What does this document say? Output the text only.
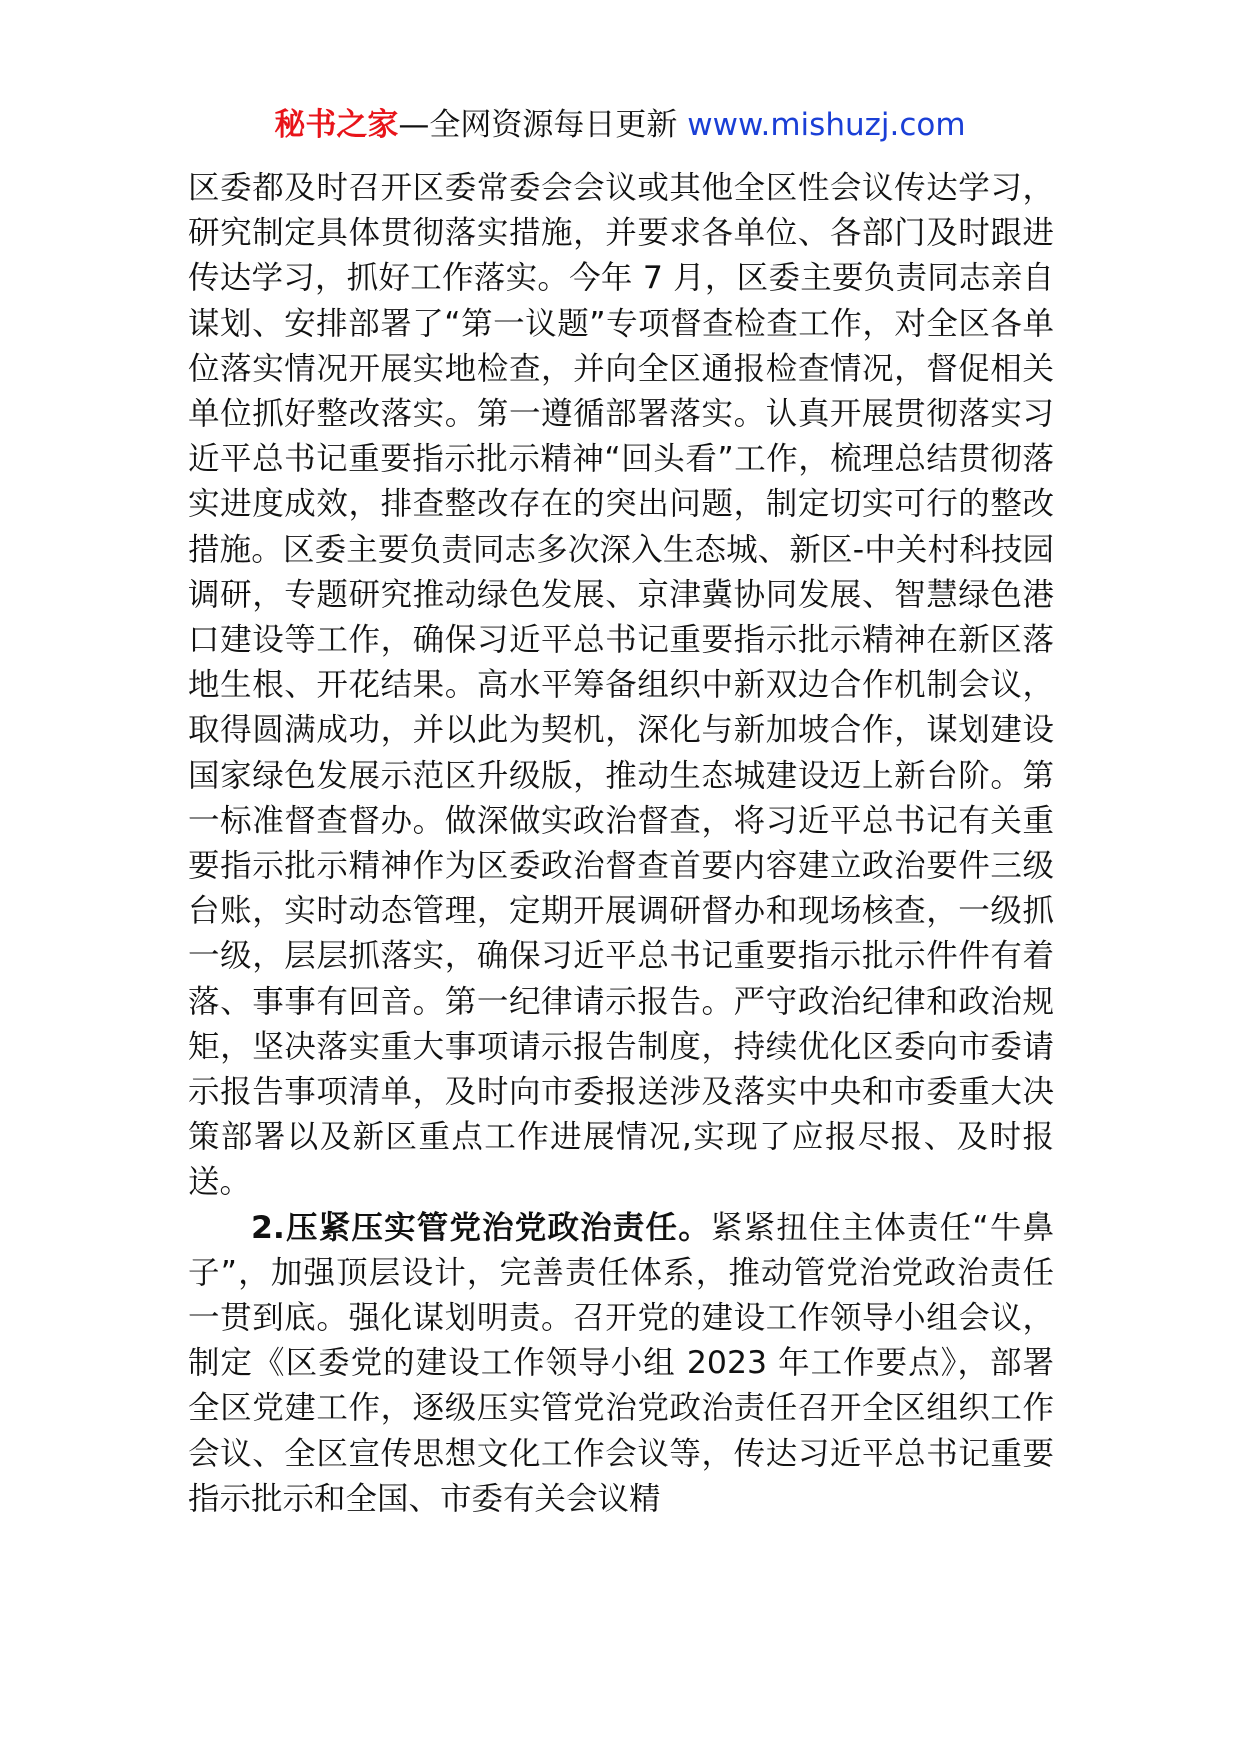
秘书之家—全网资源每日更新 www.mishuzj.com

区委都及时召开区委常委会会议或其他全区性会议传达学习，研究制定具体贯彻落实措施，并要求各单位、各部门及时跟进传达学习，抓好工作落实。今年 7 月，区委主要负责同志亲自谋划、安排部署了“第一议题”专项督查检查工作，对全区各单位落实情况开展实地检查，并向全区通报检查情况，督促相关单位抓好整改落实。第一遵循部署落实。认真开展贯彻落实习近平总书记重要指示批示精神“回头看”工作，梳理总结贯彻落实进度成效，排查整改存在的突出问题，制定切实可行的整改措施。区委主要负责同志多次深入生态城、新区-中关村科技园调研，专题研究推动绿色发展、京津冀协同发展、智慧绿色港口建设等工作，确保习近平总书记重要指示批示精神在新区落地生根、开花结果。高水平筹备组织中新双边合作机制会议，取得圆满成功，并以此为契机，深化与新加坡合作，谋划建设国家绿色发展示范区升级版，推动生态城建设迈上新台阶。第一标准督查督办。做深做实政治督查，将习近平总书记有关重要指示批示精神作为区委政治督查首要内容建立政治要件三级台账，实时动态管理，定期开展调研督办和现场核查，一级抓一级，层层抓落实，确保习近平总书记重要指示批示件件有着落、事事有回音。第一纪律请示报告。严守政治纪律和政治规矩，坚决落实重大事项请示报告制度，持续优化区委向市委请示报告事项清单，及时向市委报送涉及落实中央和市委重大决策部署以及新区重点工作进展情况,实现了应报尽报、及时报送。

2.压紧压实管党治党政治责任。紧紧扭住主体责任“牛鼻子”，加强顶层设计，完善责任体系，推动管党治党政治责任一贯到底。强化谋划明责。召开党的建设工作领导小组会议，制定《区委党的建设工作领导小组 2023 年工作要点》，部署全区党建工作，逐级压实管党治党政治责任召开全区组织工作会议、全区宣传思想文化工作会议等，传达习近平总书记重要指示批示和全国、市委有关会议精
